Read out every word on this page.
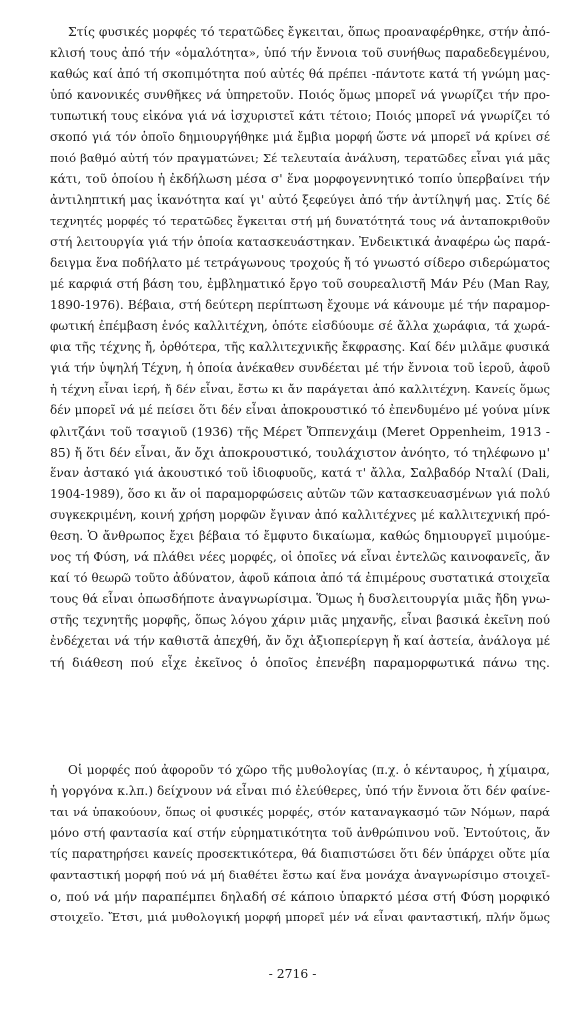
Στίς φυσικές μορφές τό τερατῶδες ἔγκειται, ὅπως προαναφέρθηκε, στήν ἀπό-
κλισή τους ἀπό τήν «ὁμαλότητα», ὑπό τήν ἔννοια τοῦ συνήθως παραδεδεγμένου,
καθώς καί ἀπό τή σκοπιμότητα πού αὐτές θά πρέπει -πάντοτε κατά τή γνώμη μας-
ὑπό κανονικές συνθῆκες νά ὑπηρετοῦν. Ποιός ὅμως μπορεῖ νά γνωρίζει τήν προ-
τυπωτική τους εἰκόνα γιά νά ἰσχυριστεῖ κάτι τέτοιο; Ποιός μπορεῖ νά γνωρίζει τό
σκοπό γιά τόν ὁποῖο δημιουργήθηκε μιά ἔμβια μορφή ὥστε νά μπορεῖ νά κρίνει σέ
ποιό βαθμό αὐτή τόν πραγματώνει; Σέ τελευταία ἀνάλυση, τερατῶδες εἶναι γιά μᾶς
κάτι, τοῦ ὁποίου ἡ ἐκδήλωση μέσα σ' ἕνα μορφογεννητικό τοπίο ὑπερβαίνει τήν
ἀντιληπτική μας ἱκανότητα καί γι' αὐτό ξεφεύγει ἀπό τήν ἀντίληψή μας. Στίς δέ
τεχνητές μορφές τό τερατῶδες ἔγκειται στή μή δυνατότητά τους νά ἀνταποκριθοῦν
στή λειτουργία γιά τήν ὁποία κατασκευάστηκαν. Ἐνδεικτικά ἀναφέρω ὡς παρά-
δειγμα ἕνα ποδήλατο μέ τετράγωνους τροχούς ἤ τό γνωστό σίδερο σιδερώματος
μέ καρφιά στή βάση του, ἐμβληματικό ἔργο τοῦ σουρεαλιστῆ Μάν Ρέυ (Man Ray,
1890-1976). Βέβαια, στή δεύτερη περίπτωση ἔχουμε νά κάνουμε μέ τήν παραμορ-
φωτική ἐπέμβαση ἑνός καλλιτέχνη, ὁπότε εἰσδύουμε σέ ἄλλα χωράφια, τά χωρά-
φια τῆς τέχνης ἤ, ὀρθότερα, τῆς καλλιτεχνικῆς ἔκφρασης. Καί δέν μιλᾶμε φυσικά
γιά τήν ὑψηλή Τέχνη, ἡ ὁποία ἀνέκαθεν συνδέεται μέ τήν ἔννοια τοῦ ἱεροῦ, ἀφοῦ
ἡ τέχνη εἶναι ἱερή, ἤ δέν εἶναι, ἔστω κι ἄν παράγεται ἀπό καλλιτέχνη. Κανείς ὅμως
δέν μπορεῖ νά μέ πείσει ὅτι δέν εἶναι ἀποκρουστικό τό ἐπενδυμένο μέ γούνα μίνκ
φλιτζάνι τοῦ τσαγιοῦ (1936) τῆς Μέρετ Ὄππενχάιμ (Meret Oppenheim, 1913 -
85) ἤ ὅτι δέν εἶναι, ἄν ὄχι ἀποκρουστικό, τουλάχιστον ἀνόητο, τό τηλέφωνο μ'
ἕναν ἀστακό γιά ἀκουστικό τοῦ ἰδιοφυοῦς, κατά τ' ἄλλα, Σαλβαδόρ Νταλί (Dali,
1904-1989), ὅσο κι ἄν οἱ παραμορφώσεις αὐτῶν τῶν κατασκευασμένων γιά πολύ
συγκεκριμένη, κοινή χρήση μορφῶν ἔγιναν ἀπό καλλιτέχνες μέ καλλιτεχνική πρό-
θεση. Ὁ ἄνθρωπος ἔχει βέβαια τό ἔμφυτο δικαίωμα, καθώς δημιουργεῖ μιμούμε-
νος τή Φύση, νά πλάθει νέες μορφές, οἱ ὁποῖες νά εἶναι ἐντελῶς καινοφανεῖς, ἄν
καί τό θεωρῶ τοῦτο ἀδύνατον, ἀφοῦ κάποια ἀπό τά ἐπιμέρους συστατικά στοιχεῖα
τους θά εἶναι ὁπωσδήποτε ἀναγνωρίσιμα. Ὅμως ἡ δυσλειτουργία μιᾶς ἤδη γνω-
στῆς τεχνητῆς μορφῆς, ὅπως λόγου χάριν μιᾶς μηχανῆς, εἶναι βασικά ἐκεῖνη πού
ἐνδέχεται νά τήν καθιστᾶ ἀπεχθή, ἄν ὄχι ἀξιοπερίεργη ἤ καί ἀστεία, ἀνάλογα μέ
τή διάθεση πού εἶχε ἐκεῖνος ὁ ὁποῖος ἐπενέβη παραμορφωτικά πάνω της.
Οἱ μορφές πού ἀφοροῦν τό χῶρο τῆς μυθολογίας (π.χ. ὁ κένταυρος, ἡ χίμαιρα,
ἡ γοργόνα κ.λπ.) δείχνουν νά εἶναι πιό ἐλεύθερες, ὑπό τήν ἔννοια ὅτι δέν φαίνε-
ται νά ὑπακούουν, ὅπως οἱ φυσικές μορφές, στόν καταναγκασμό τῶν Νόμων, παρά
μόνο στή φαντασία καί στήν εὑρηματικότητα τοῦ ἀνθρώπινου νοῦ. Ἐντούτοις, ἄν
τίς παρατηρήσει κανείς προσεκτικότερα, θά διαπιστώσει ὅτι δέν ὑπάρχει οὔτε μία
φανταστική μορφή πού νά μή διαθέτει ἔστω καί ἕνα μονάχα ἀναγνωρίσιμο στοιχεῖ-
ο, πού νά μήν παραπέμπει δηλαδή σέ κάποιο ὑπαρκτό μέσα στή Φύση μορφικό
στοιχεῖο. Ἔτσι, μιά μυθολογική μορφή μπορεῖ μέν νά εἶναι φανταστική, πλήν ὅμως
- 2716 -
